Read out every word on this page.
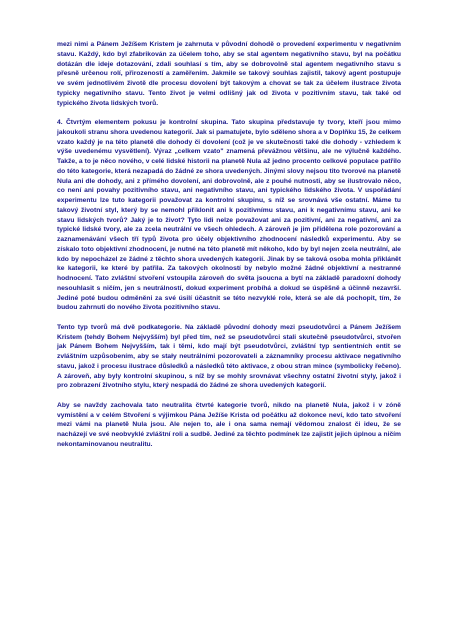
mezi nimi a Pánem Ježíšem Kristem je zahrnuta v původní dohodě o provedení experimentu v negativním stavu. Každý, kdo byl zfabrikován za účelem toho, aby se stal agentem negativního stavu, byl na počátku dotázán dle ideje dotazování, zdali souhlasí s tím, aby se dobrovolně stal agentem negativního stavu s přesně určenou rolí, přirozeností a zaměřením. Jakmile se takový souhlas zajistil, takový agent postupuje ve svém jednotlivém životě dle procesu dovolení být takovým a chovat se tak za účelem ilustrace života typicky negativního stavu. Tento život je velmi odlišný jak od života v pozitivním stavu, tak také od typického života lidských tvorů.

4. Čtvrtým elementem pokusu je kontrolní skupina. Tato skupina představuje ty tvory, kteří jsou mimo jakoukoli stranu shora uvedenou kategorií. Jak si pamatujete, bylo sděleno shora a v Doplňku 15, že celkem vzato každý je na této planetě dle dohody či dovolení (což je ve skutečnosti také dle dohody - vzhledem k výše uvedenému vysvětlení). Výraz „celkem vzato" znamená převážnou většinu, ale ne výlučně každého. Takže, a to je něco nového, v celé lidské historii na planetě Nula až jedno procento celkové populace patřilo do této kategorie, která nezapadá do žádné ze shora uvedených. Jinými slovy nejsou tito tvorové na planetě Nula ani dle dohody, ani z přímého dovolení, ani dobrovolně, ale z pouhé nutnosti, aby se ilustrovalo něco, co není ani povahy pozitivního stavu, ani negativního stavu, ani typického lidského života. V uspořádání experimentu lze tuto kategorii považovat za kontrolní skupinu, s níž se srovnává vše ostatní. Máme tu takový životní styl, který by se nemohl přiklonit ani k pozitivnímu stavu, ani k negativnímu stavu, ani ke stavu lidských tvorů? Jaký je to život? Tyto lidi nelze považovat ani za pozitivní, ani za negativní, ani za typické lidské tvory, ale za zcela neutrální ve všech ohledech. A zároveň je jim přidělena role pozorování a zaznamenávání všech tří typů života pro účely objektivního zhodnocení následků experimentu. Aby se získalo toto objektivní zhodnocení, je nutné na této planetě mít někoho, kdo by byl nejen zcela neutrální, ale kdo by nepocházel ze žádné z těchto shora uvedených kategorií. Jinak by se taková osoba mohla přiklánět ke kategorii, ke které by patřila. Za takových okolností by nebylo možné žádné objektivní a nestranné hodnocení. Tato zvláštní stvoření vstoupila zároveň do světa jsoucna a bytí na základě paradoxní dohody nesouhlasit s ničím, jen s neutrálností, dokud experiment probíhá a dokud se úspěšně a účinně nezavrší. Jediné poté budou odměněni za své úsilí účastnit se této nezvyklé role, která se ale dá pochopit, tím, že budou zahrnuti do nového života pozitivního stavu.

Tento typ tvorů má dvě podkategorie. Na základě původní dohody mezi pseudotvůrci a Pánem Ježíšem Kristem (tehdy Bohem Nejvyšším) byl před tím, než se pseudotvůrci stali skutečně pseudotvůrci, stvořen jak Pánem Bohem Nejvyšším, tak i těmi, kdo mají být pseudotvůrci, zvláštní typ sentientních entit se zvláštním uzpůsobením, aby se stały neutrálními pozorovateli a záznamníky procesu aktivace negativního stavu, jakož i procesu ilustrace důsledků a následků této aktivace, z obou stran mince (symbolicky řečeno). A zároveň, aby byly kontrolní skupinou, s níž by se mohly srovnávat všechny ostatní životní styly, jakož i pro zobrazení životního stylu, který nespadá do žádné ze shora uvedených kategorií.

Aby se navždy zachovala tato neutralita čtvrté kategorie tvorů, nikdo na planetě Nula, jakož i v zóně vymístění a v celém Stvoření s výjimkou Pána Ježíše Krista od počátku až dokonce neví, kdo tato stvoření mezi vámi na planetě Nula jsou. Ale nejen to, ale i ona sama nemají vědomou znalost či ideu, že se nacházejí ve své neobvyklé zvláštní roli a sudbě. Jediné za těchto podmínek lze zajistit jejich úplnou a ničím nekontaminovanou neutralitu.
